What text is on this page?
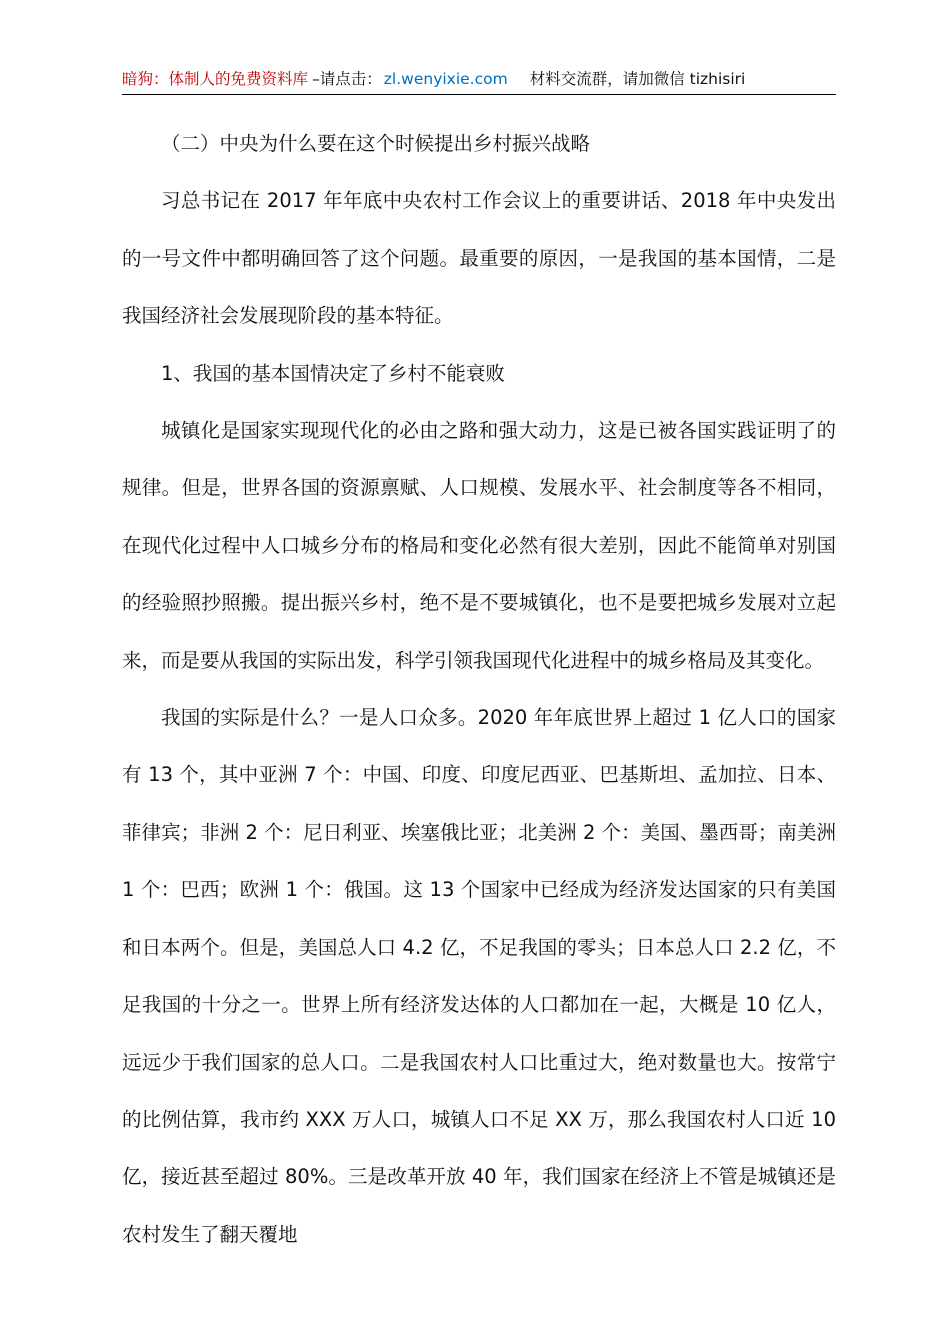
暗狗：体制人的免费资料库 –请点击： zl.wenyixie.com 材料交流群，请加微信 tizhisiri

（二）中央为什么要在这个时候提出乡村振兴战略

习总书记在 2017 年年底中央农村工作会议上的重要讲话、2018 年中央发出的一号文件中都明确回答了这个问题。最重要的原因，一是我国的基本国情，二是我国经济社会发展现阶段的基本特征。

1、我国的基本国情决定了乡村不能衰败

城镇化是国家实现现代化的必由之路和强大动力，这是已被各国实践证明了的规律。但是，世界各国的资源禀赋、人口规模、发展水平、社会制度等各不相同，在现代化过程中人口城乡分布的格局和变化必然有很大差别，因此不能简单对别国的经验照抄照搬。提出振兴乡村，绝不是不要城镇化，也不是要把城乡发展对立起来，而是要从我国的实际出发，科学引领我国现代化进程中的城乡格局及其变化。

我国的实际是什么？一是人口众多。2020 年年底世界上超过 1 亿人口的国家有 13 个，其中亚洲 7 个：中国、印度、印度尼西亚、巴基斯坦、孟加拉、日本、菲律宾；非洲 2 个：尼日利亚、埃塞俄比亚；北美洲 2 个：美国、墨西哥；南美洲 1 个：巴西；欧洲 1 个：俄国。这 13 个国家中已经成为经济发达国家的只有美国和日本两个。但是，美国总人口 4.2 亿，不足我国的零头；日本总人口 2.2 亿，不足我国的十分之一。世界上所有经济发达体的人口都加在一起，大概是 10 亿人，远远少于我们国家的总人口。二是我国农村人口比重过大，绝对数量也大。按常宁的比例估算，我市约 XXX 万人口，城镇人口不足 XX 万，那么我国农村人口近 10 亿，接近甚至超过 80%。三是改革开放 40 年，我们国家在经济上不管是城镇还是农村发生了翻天覆地
